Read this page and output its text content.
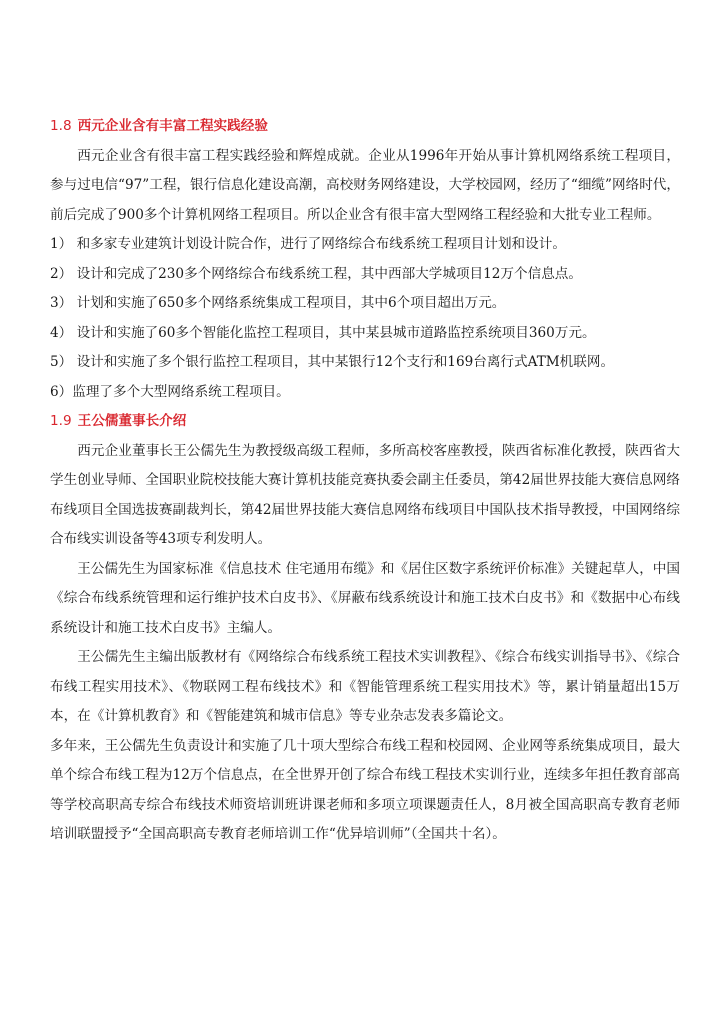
1.8 西元企业含有丰富工程实践经验

西元企业含有很丰富工程实践经验和辉煌成就。企业从1996年开始从事计算机网络系统工程项目，参与过电信“97”工程，银行信息化建设高潮，高校财务网络建设，大学校园网，经历了“细缆”网络时代，前后完成了900多个计算机网络工程项目。所以企业含有很丰富大型网络工程经验和大批专业工程师。

1） 和多家专业建筑计划设计院合作，进行了网络综合布线系统工程项目计划和设计。

2） 设计和完成了230多个网络综合布线系统工程，其中西部大学城项目12万个信息点。

3） 计划和实施了650多个网络系统集成工程项目，其中6个项目超出万元。

4） 设计和实施了60多个智能化监控工程项目，其中某县城市道路监控系统项目360万元。

5） 设计和实施了多个银行监控工程项目，其中某银行12个支行和169台离行式ATM机联网。

6）监理了多个大型网络系统工程项目。

1.9 王公儒董事长介绍

西元企业董事长王公儒先生为教授级高级工程师，多所高校客座教授，陕西省标准化教授，陕西省大学生创业导师、全国职业院校技能大赛计算机技能竞赛执委会副主任委员，第42届世界技能大赛信息网络布线项目全国选拔赛副裁判长，第42届世界技能大赛信息网络布线项目中国队技术指导教授，中国网络综合布线实训设备等43项专利发明人。

王公儒先生为国家标准《信息技术 住宅通用布缆》和《居住区数字系统评价标准》关键起草人，中国《综合布线系统管理和运行维护技术白皮书》、《屏蔽布线系统设计和施工技术白皮书》和《数据中心布线系统设计和施工技术白皮书》主编人。

王公儒先生主编出版教材有《网络综合布线系统工程技术实训教程》、《综合布线实训指导书》、《综合布线工程实用技术》、《物联网工程布线技术》和《智能管理系统工程实用技术》等，累计销量超出15万本，在《计算机教育》和《智能建筑和城市信息》等专业杂志发表多篇论文。

多年来，王公儒先生负责设计和实施了几十项大型综合布线工程和校园网、企业网等系统集成项目，最大单个综合布线工程为12万个信息点，在全世界开创了综合布线工程技术实训行业，连续多年担任教育部高等学校高职高专综合布线技术师资培训班讲课老师和多项立项课题责任人，8月被全国高职高专教育老师培训联盟授予“全国高职高专教育老师培训工作“优异培训师”（全国共十名）。
